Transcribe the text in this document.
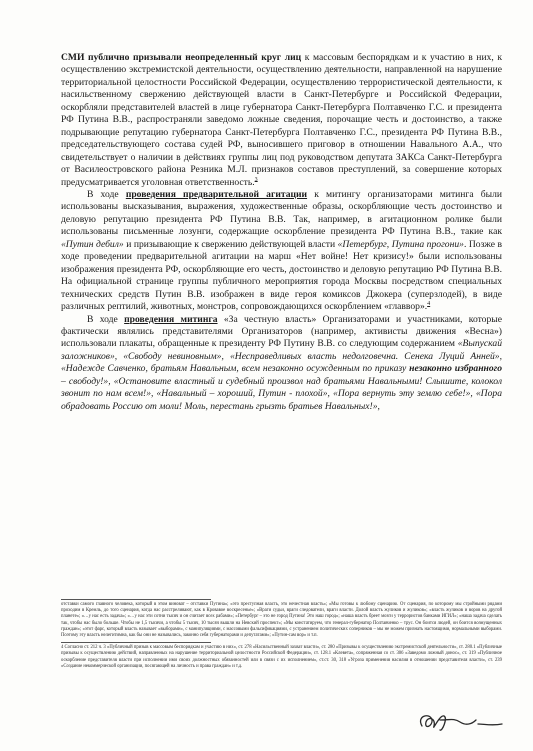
СМИ публично призывали неопределенный круг лиц к массовым беспорядкам и к участию в них, к осуществлению экстремистской деятельности, осуществлению деятельности, направленной на нарушение территориальной целостности Российской Федерации, осуществлению террористической деятельности, к насильственному свержению действующей власти в Санкт-Петербурге и Российской Федерации, оскорбляли представителей властей в лице губернатора Санкт-Петербурга Полтавченко Г.С. и президента РФ Путина В.В., распространяли заведомо ложные сведения, порочащие честь и достоинство, а также подрывающие репутацию губернатора Санкт-Петербурга Полтавченко Г.С., президента РФ Путина В.В., председательствующего состава судей РФ, выносившего приговор в отношении Навального А.А., что свидетельствует о наличии в действиях группы лиц под руководством депутата ЗАКСа Санкт-Петербурга от Василеостровского района Резника М.Л. признаков составов преступлений, за совершение которых предусматривается уголовная ответственность.$^3$

В ходе проведения предварительной агитации к митингу организаторами митинга были использованы высказывания, выражения, художественные образы, оскорбляющие честь достоинство и деловую репутацию президента РФ Путина В.В. Так, например, в агитационном ролике были использованы письменные лозунги, содержащие оскорбление президента РФ Путина В.В., такие как «Путин дебил» и призывающие к свержению действующей власти «Петербург, Путина прогони». Позже в ходе проведении предварительной агитации на марш «Нет войне! Нет кризису!» были использованы изображения президента РФ, оскорбляющие его честь, достоинство и деловую репутацию РФ Путина В.В. На официальной странице группы публичного мероприятия города Москвы посредством специальных технических средств Путин В.В. изображен в виде героя комиксов Джокера (суперзлодей), в виде различных рептилий, животных, монстров, сопровождающихся оскорблением «главвор».$^4$

В ходе проведения митинга «За честную власть» Организаторами и участниками, которые фактически являлись представителями Организаторов (например, активисты движения «Весна») использовали плакаты, обращенные к президенту РФ Путину В.В. со следующим содержанием «Выпускай заложников», «Свободу невиновным», «Несправедливых власть недолговечна. Сенека Луций Анней», «Надежде Савченко, братьям Навальным, всем незаконно осужденным по приказу незаконно избранного – свободу!», «Остановите властный и судебный произвол над братьями Навальными! Слышите, колокол звонит по нам всем!», «Навальный – хороший, Путин - плохой», «Пора вернуть эту землю себе!», «Пора обрадовать Россию от моли! Моль, перестань грызть братьев Навальных!»,

отставки самого главного человека, который в этом виноват – отставки Путина»; «это преступная власть, это нечестная власть»; «Мы готовы к любому сценарию. От сценария, по которому мы стройными рядами проходим в Кремль, до того сценария, когда нас расстреливают, как в Кровавое воскресенье»; «Враги судьи, враги следователи, враги власти. Долой власть жуликов и жуликов»; «власть жуликов и воров на другой планете»; «…у нас есть задача»; «…у нас эти сотни тысяч и он считает всех рабами»; «Петербург – это не город Путина! Это наш город»; «наша власть бреет мозги у террористов банками ИГИЛ»; «наша задача сделать так, чтобы нас было больше. Чтобы не 1,5 тысячи, а чтобы 5 тысяч, 10 тысяч вышли на Невский проспект»; «Мы констатируем, что генерал-губернатор Полтавченко – трус. Он боится людей, он боится возмущенных граждан»; «этот фарс, который власть называет «выборами», с манипуляциями, с массовыми фальсификациями, с устранением политических соперников – мы не можем признать настоящими, нормальными выборами. Поэтому эту власть нелегитимна, как бы они не назывались, законно себя губернаторами и депутатами»; «Путин-сам вор» и т.п.

4 Согласно ст. 212 ч. 3 «Публичный призыв к массовым беспорядкам и участию в них», ст. 278 «Насильственный захват власти», ст. 280 «Призывы к осуществлению экстремистской деятельности», ст. 280.1 «Публичные призывы к осуществлению действий, направленных на нарушение территориальной целостности Российской Федерации», ст. 128.1 «Клевета», сопряженная со ст. 306 «Заведомо ложный донос», ст. 319 «Публичное оскорбление представителя власти при исполнении ими своих должностных обязанностей или в связи с их исполнением», ст.ст. 30, 318 «Угроза применения насилия в отношении представителя власти», ст. 239 «Создание некоммерческой организации, посягающей на личность и права граждан» и т.д.
